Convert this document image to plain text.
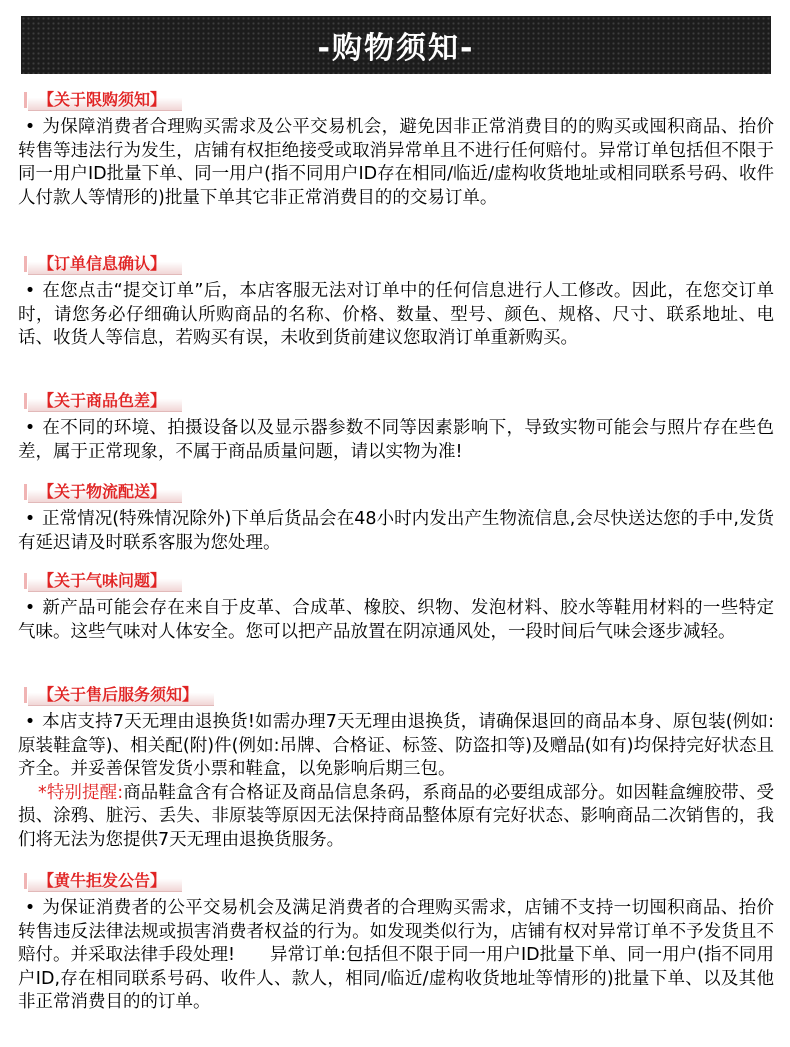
-购物须知-
【关于限购须知】
• 为保障消费者合理购买需求及公平交易机会，避免因非正常消费目的的购买或囤积商品、抬价转售等违法行为发生，店铺有权拒绝接受或取消异常单且不进行任何赔付。异常订单包括但不限于同一用户ID批量下单、同一用户(指不同用户ID存在相同/临近/虚构收货地址或相同联系号码、收件人付款人等情形的)批量下单其它非正常消费目的的交易订单。
【订单信息确认】
• 在您点击“提交订单”后，本店客服无法对订单中的任何信息进行人工修改。因此，在您交订单时，请您务必仔细确认所购商品的名称、价格、数量、型号、颜色、规格、尺寸、联系地址、电话、收货人等信息，若购买有误，未收到货前建议您取消订单重新购买。
【关于商品色差】
• 在不同的环境、拍摄设备以及显示器参数不同等因素影响下，导致实物可能会与照片存在些色差，属于正常现象，不属于商品质量问题，请以实物为准!
【关于物流配送】
• 正常情况(特殊情况除外)下单后货品会在48小时内发出产生物流信息,会尽快送达您的手中,发货有延迟请及时联系客服为您处理。
【关于气味问题】
• 新产品可能会存在来自于皮革、合成革、橡胶、织物、发泡材料、胶水等鞋用材料的一些特定气味。这些气味对人体安全。您可以把产品放置在阴凉通风处，一段时间后气味会逐步减轻。
【关于售后服务须知】
• 本店支持7天无理由退换货!如需办理7天无理由退换货，请确保退回的商品本身、原包装(例如:原装鞋盒等)、相关配(附)件(例如:吊牌、合格证、标签、防盗扣等)及赠品(如有)均保持完好状态且齐全。并妥善保管发货小票和鞋盒，以免影响后期三包。
*特别提醒:商品鞋盒含有合格证及商品信息条码，系商品的必要组成部分。如因鞋盒缠胶带、受损、涂鸦、脏污、丢失、非原装等原因无法保持商品整体原有完好状态、影响商品二次销售的，我们将无法为您提供7天无理由退换货服务。
【黄牛拒发公告】
• 为保证消费者的公平交易机会及满足消费者的合理购买需求，店铺不支持一切囤积商品、抬价转售违反法律法规或损害消费者权益的行为。如发现类似行为，店铺有权对异常订单不予发货且不赔付。并采取法律手段处理!　　异常订单:包括但不限于同一用户ID批量下单、同一用户(指不同用户ID,存在相同联系号码、收件人、款人，相同/临近/虚构收货地址等情形的)批量下单、以及其他非正常消费目的的订单。
